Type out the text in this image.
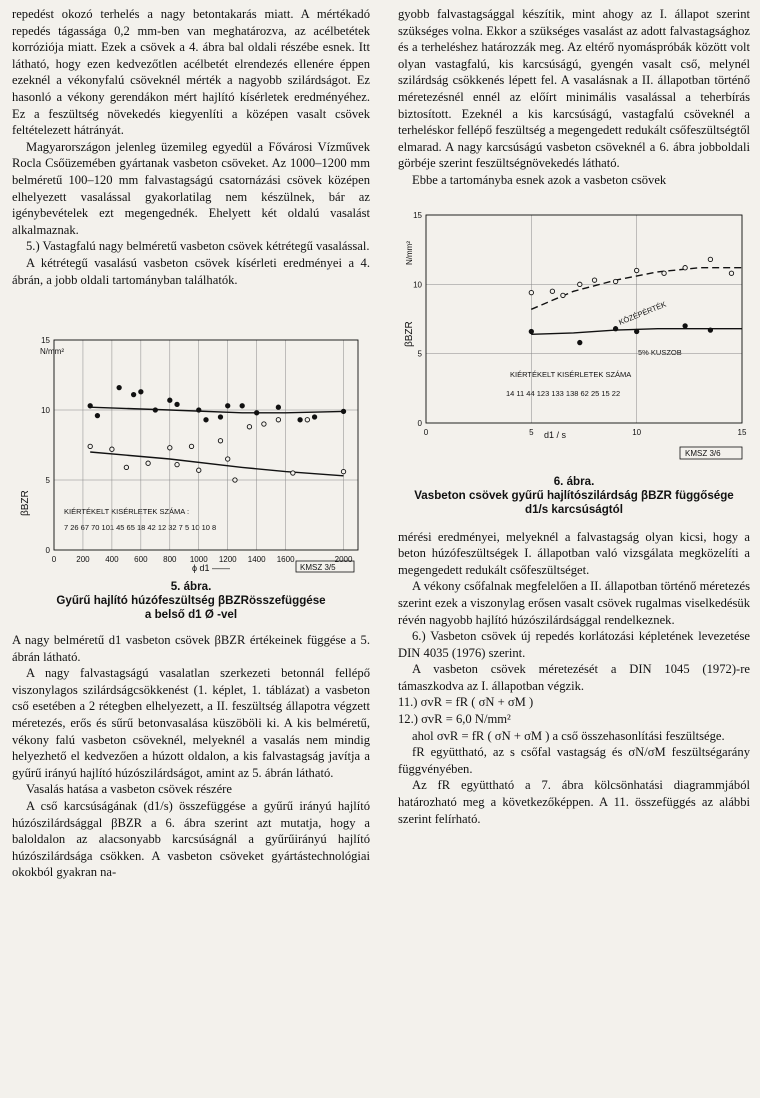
repedést okozó terhelés a nagy betontakarás miatt. A mértékadó repedés tágassága 0,2 mm-ben van meghatározva, az acélbetétek korróziója miatt. Ezek a csövek a 4. ábra bal oldali részébe esnek. Itt látható, hogy ezen kedvezőtlen acélbetét elrendezés ellenére éppen ezeknél a vékonyfalú csöveknél mérték a nagyobb szilárdságot. Ez hasonló a vékony gerendákon mért hajlító kísérletek eredményéhez. Ez a feszültség növekedés kiegyenlíti a középen vasalt csövek feltételezett hátrányát.

Magyarországon jelenleg üzemileg egyedül a Fővárosi Vízművek Rocla Csőüzemében gyártanak vasbeton csöveket. Az 1000–1200 mm belméretű 100–120 mm falvastagságú csatornázási csövek középen elhelyezett vasalással gyakorlatilag nem készülnek, bár az igénybevételek ezt megengednék. Ehelyett két oldalú vasalást alkalmaznak.

5.) Vastagfalú nagy belméretű vasbeton csövek kétrétegű vasalással.

A kétrétegű vasalású vasbeton csövek kísérleti eredményei a 4. ábrán, a jobb oldali tartományban találhatók.

N/mm²
βBZR	KIÉRTÉKELT KISÉRLETEK SZÁMA :
7 26 67 70 101 45 65 18 42 12 32 7 5 10 10 8
ϕ d1 ——	KMSZ 3/5
0	200 400 600 800 1000 1200 1400 1600	2000
0
5
10
15

5. ábra.

Gyűrű hajlító húzófeszültség βBZRösszefüggése

a belső d1 Ø -vel

A nagy belméretű d1 vasbeton csövek βBZR értékeinek függése a 5. ábrán látható.

A nagy falvastagságú vasalatlan szerkezeti betonnál fellépő viszonylagos szilárdságcsökkenést (1. képlet, 1. táblázat) a vasbeton cső esetében a 2 rétegben elhelyezett, a II. feszültség állapotra végzett méretezés, erős és sűrű betonvasalása küszöböli ki. A kis belméretű, vékony falú vasbeton csöveknél, melyeknél a vasalás nem mindig helyezhető el kedvezően a húzott oldalon, a kis falvastagság javítja a gyűrű irányú hajlító húzószilárdságot, amint az 5. ábrán látható.

Vasalás hatása a vasbeton csövek részére

A cső karcsúságának (d1/s) összefüggése a gyűrű irányú hajlító húzószilárdsággal βBZR a 6. ábra szerint azt mutatja, hogy a baloldalon az alacsonyabb karcsúságnál a gyűrűirányú hajlító húzószilárdsága csökken. A vasbeton csöveket gyártástechnológiai okokból gyakran na-

gyobb falvastagsággal készítik, mint ahogy az I. állapot szerint szükséges volna. Ekkor a szükséges vasalást az adott falvastagsághoz és a terheléshez határozzák meg. Az eltérő nyomáspróbák között volt olyan vastagfalú, kis karcsúságú, gyengén vasalt cső, melynél szilárdság csökkenés lépett fel. A vasalásnak a II. állapotban történő méretezésnél ennél az előírt minimális vasalással a teherbírás biztosított. Ezeknél a kis karcsúságú, vastagfalú csöveknél a terheléskor fellépő feszültség a megengedett redukált csőfeszültségtől elmarad. A nagy karcsúságú vasbeton csöveknél a 6. ábra jobboldali görbéje szerint feszültségnövekedés látható.

Ebbe a tartományba esnek azok a vasbeton csövek

N/mm²
βBZR
KIÉRTÉKELT KISÉRLETEK SZÁMA
14 11 44 123 133 138 62 25 15 22
d1 / s
KMSZ 3/6
KÖZÉPÉRTÉK
5% KUSZOB
0	5	10	15
0
5
10
15

6. ábra.

Vasbeton csövek gyűrű hajlítószilárdság βBZR függősége

d1/s karcsúságtól

mérési eredményei, melyeknél a falvastagság olyan kicsi, hogy a beton húzófeszültségek I. állapotban való vizsgálata megközelíti a megengedett redukált csőfeszültséget.

A vékony csőfalnak megfelelően a II. állapotban történő méretezés szerint ezek a viszonylag erősen vasalt csövek rugalmas viselkedésük révén nagyobb hajlító húzószilárdsággal rendelkeznek.

6.) Vasbeton csövek új repedés korlátozási képletének levezetése DIN 4035 (1976) szerint.

A vasbeton csövek méretezését a DIN 1045 (1972)-re támaszkodva az I. állapotban végzik.

11.) σvR = fR ( σN + σM )

12.) σvR = 6,0 N/mm²

ahol σvR = fR ( σN + σM ) a cső összehasonlítási feszültsége.

fR együttható, az s csőfal vastagság és σN/σM feszültségarány függvényében.

Az fR együttható a 7. ábra kölcsönhatási diagrammjából határozható meg a következőképpen. A 11. összefüggés az alábbi szerint felírható.
